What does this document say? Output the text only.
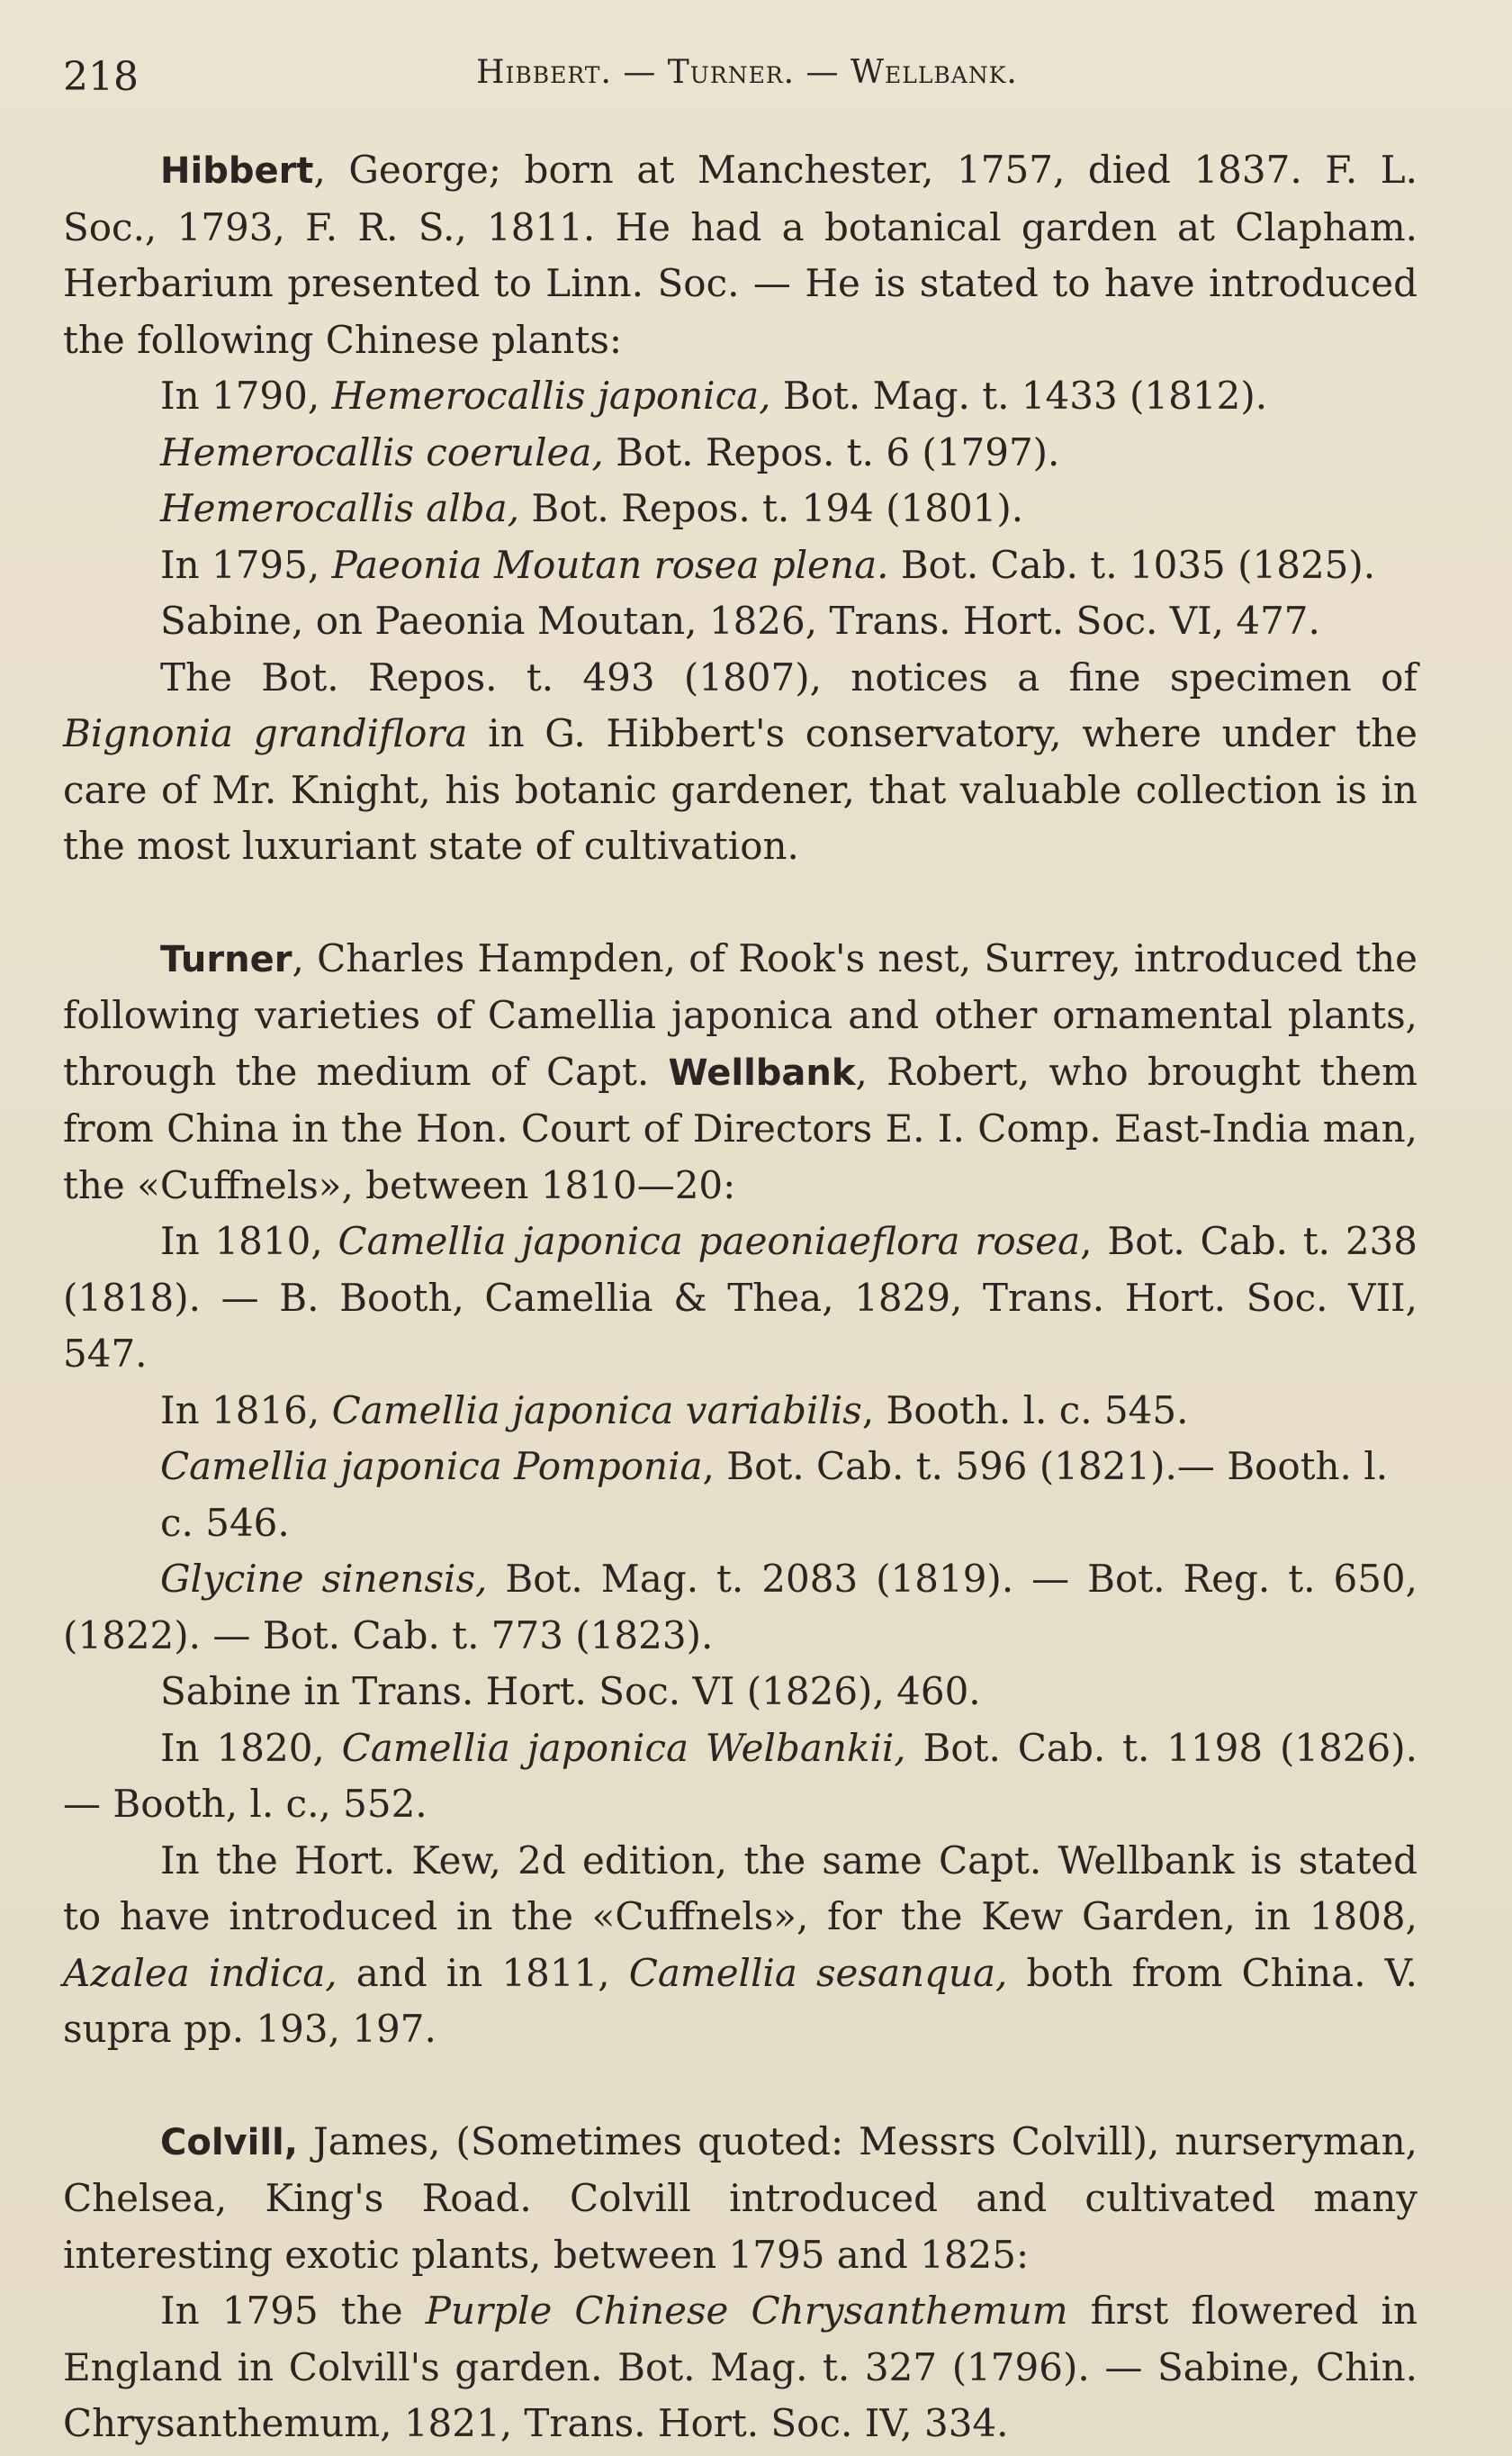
218	Hibbert. — Turner. — Wellbank.

Hibbert, George; born at Manchester, 1757, died 1837. F. L. Soc., 1793, F. R. S., 1811. He had a botanical garden at Clapham. Herbarium presented to Linn. Soc. — He is stated to have introduced the following Chinese plants:

In 1790, Hemerocallis japonica, Bot. Mag. t. 1433 (1812).

Hemerocallis coerulea, Bot. Repos. t. 6 (1797).

Hemerocallis alba, Bot. Repos. t. 194 (1801).

In 1795, Paeonia Moutan rosea plena. Bot. Cab. t. 1035 (1825).

Sabine, on Paeonia Moutan, 1826, Trans. Hort. Soc. VI, 477.

The Bot. Repos. t. 493 (1807), notices a fine specimen of Bignonia grandiflora in G. Hibbert's conservatory, where under the care of Mr. Knight, his botanic gardener, that valuable collection is in the most luxuriant state of cultivation.

Turner, Charles Hampden, of Rook's nest, Surrey, introduced the following varieties of Camellia japonica and other ornamental plants, through the medium of Capt. Wellbank, Robert, who brought them from China in the Hon. Court of Directors E. I. Comp. East-India man, the «Cuffnels», between 1810—20:

In 1810, Camellia japonica paeoniaeflora rosea, Bot. Cab. t. 238 (1818). — B. Booth, Camellia & Thea, 1829, Trans. Hort. Soc. VII, 547.

In 1816, Camellia japonica variabilis, Booth. l. c. 545.

Camellia japonica Pomponia, Bot. Cab. t. 596 (1821).— Booth. l. c. 546.

Glycine sinensis, Bot. Mag. t. 2083 (1819). — Bot. Reg. t. 650, (1822). — Bot. Cab. t. 773 (1823).

Sabine in Trans. Hort. Soc. VI (1826), 460.

In 1820, Camellia japonica Welbankii, Bot. Cab. t. 1198 (1826). — Booth, l. c., 552.

In the Hort. Kew, 2d edition, the same Capt. Wellbank is stated to have introduced in the «Cuffnels», for the Kew Garden, in 1808, Azalea indica, and in 1811, Camellia sesanqua, both from China. V. supra pp. 193, 197.

Colvill, James, (Sometimes quoted: Messrs Colvill), nurseryman, Chelsea, King's Road. Colvill introduced and cultivated many interesting exotic plants, between 1795 and 1825:

In 1795 the Purple Chinese Chrysanthemum first flowered in England in Colvill's garden. Bot. Mag. t. 327 (1796). — Sabine, Chin. Chrysanthemum, 1821, Trans. Hort. Soc. IV, 334.
